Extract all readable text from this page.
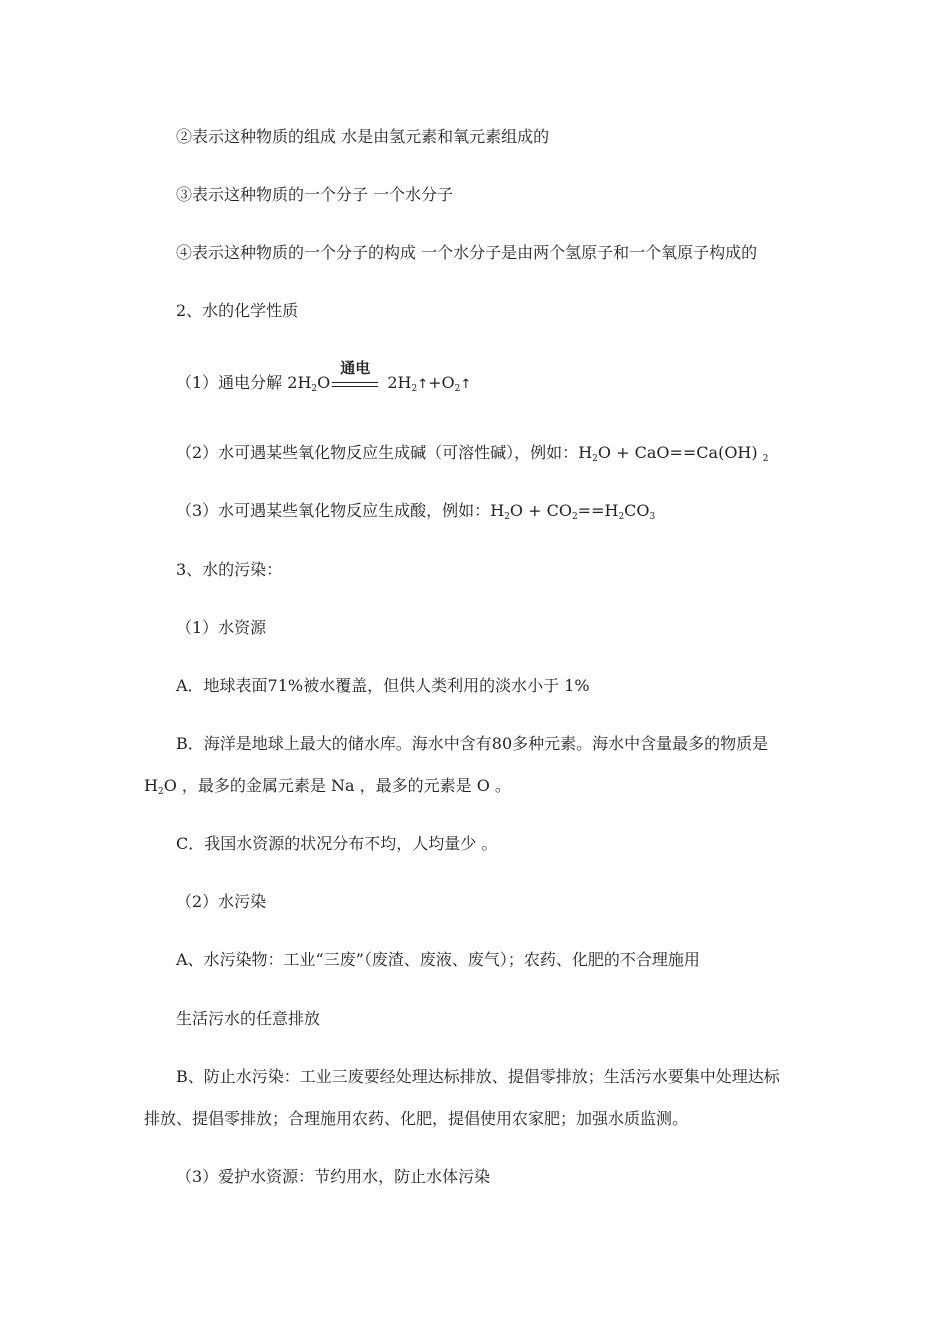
②表示这种物质的组成 水是由氢元素和氧元素组成的
③表示这种物质的一个分子 一个水分子
④表示这种物质的一个分子的构成 一个水分子是由两个氢原子和一个氧原子构成的
2、水的化学性质
（1）通电分解 $2H_2O$
通电
$2H_2↑+O_2↑$
（2）水可遇某些氧化物反应生成碱（可溶性碱），例如：$H_2O + CaO==Ca(OH)$ $_2$
（3）水可遇某些氧化物反应生成酸，例如：$H_2O + CO_2==H_2CO_3$
3、水的污染：
（1）水资源
A．地球表面71%被水覆盖，但供人类利用的淡水小于 1%
B．海洋是地球上最大的储水库。海水中含有80多种元素。海水中含量最多的物质是
$H_2O$ ，最多的金属元素是 Na ，最多的元素是 O 。
C．我国水资源的状况分布不均，人均量少 。
（2）水污染
A、水污染物：工业“三废”（废渣、废液、废气）；农药、化肥的不合理施用
生活污水的任意排放
B、防止水污染：工业三废要经处理达标排放、提倡零排放；生活污水要集中处理达标
排放、提倡零排放；合理施用农药、化肥，提倡使用农家肥；加强水质监测。
（3）爱护水资源：节约用水，防止水体污染
